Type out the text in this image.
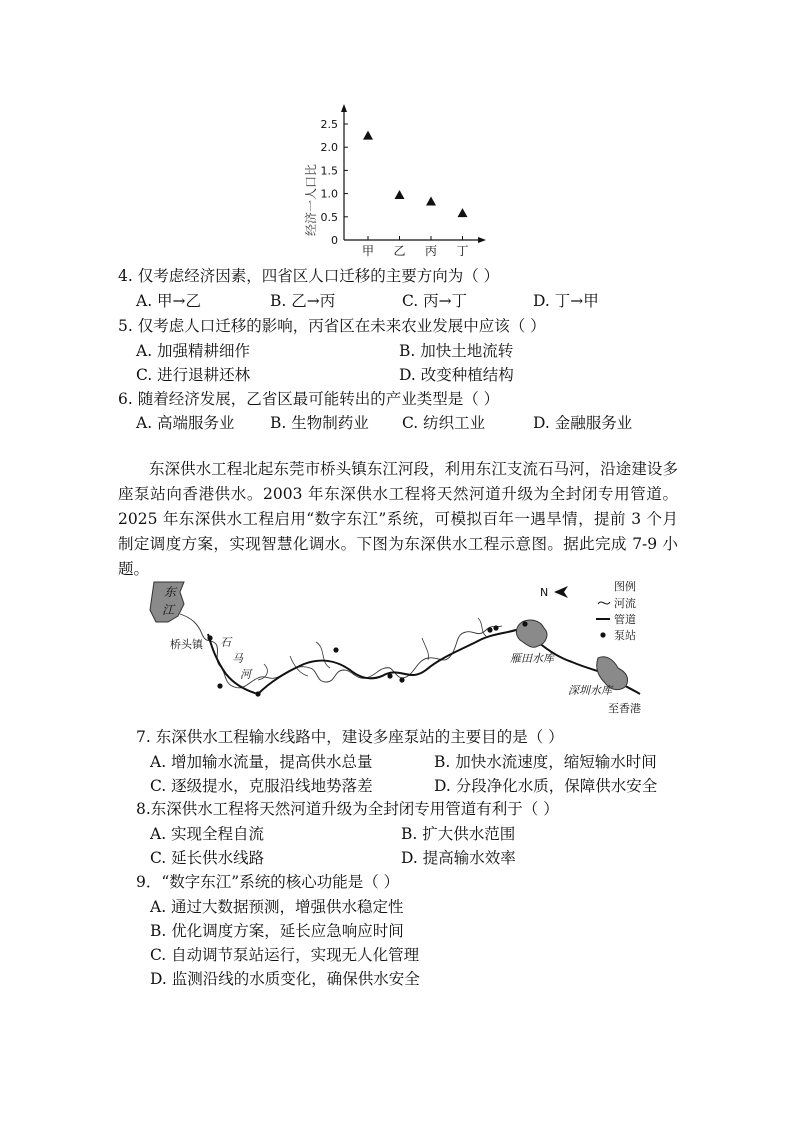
0
0.5
1.0
1.5
2.0
2.5
甲 乙 丙 丁
经济一人口比
4. 仅考虑经济因素，四省区人口迁移的主要方向为（ ）
A. 甲→乙	B. 乙→丙	C. 丙→丁	D. 丁→甲
5. 仅考虑人口迁移的影响，丙省区在未来农业发展中应该（ ）
A. 加强精耕细作	B. 加快土地流转
C. 进行退耕还林	D. 改变种植结构
6. 随着经济发展，乙省区最可能转出的产业类型是（ ）
A. 高端服务业 B. 生物制药业 C. 纺织工业	D. 金融服务业

东深供水工程北起东莞市桥头镇东江河段，利用东江支流石马河，沿途建设多座泵站向香港供水。2003 年东深供水工程将天然河道升级为全封闭专用管道。2025 年东深供水工程启用“数字东江”系统，可模拟百年一遇旱情，提前 3 个月制定调度方案，实现智慧化调水。下图为东深供水工程示意图。据此完成 7-9 小题。

东
江
桥头镇 石
马
河
雁田水库
深圳水库
至香港
N	图例
河流
管道
泵站
7. 东深供水工程输水线路中，建设多座泵站的主要目的是（ ）
A. 增加输水流量，提高供水总量	B. 加快水流速度，缩短输水时间
C. 逐级提水，克服沿线地势落差	D. 分段净化水质，保障供水安全
8.东深供水工程将天然河道升级为全封闭专用管道有利于（ ）
A. 实现全程自流	B. 扩大供水范围
C. 延长供水线路	D. 提高输水效率
9．“数字东江”系统的核心功能是（ ）
A. 通过大数据预测，增强供水稳定性
B. 优化调度方案，延长应急响应时间
C. 自动调节泵站运行，实现无人化管理
D. 监测沿线的水质变化，确保供水安全
